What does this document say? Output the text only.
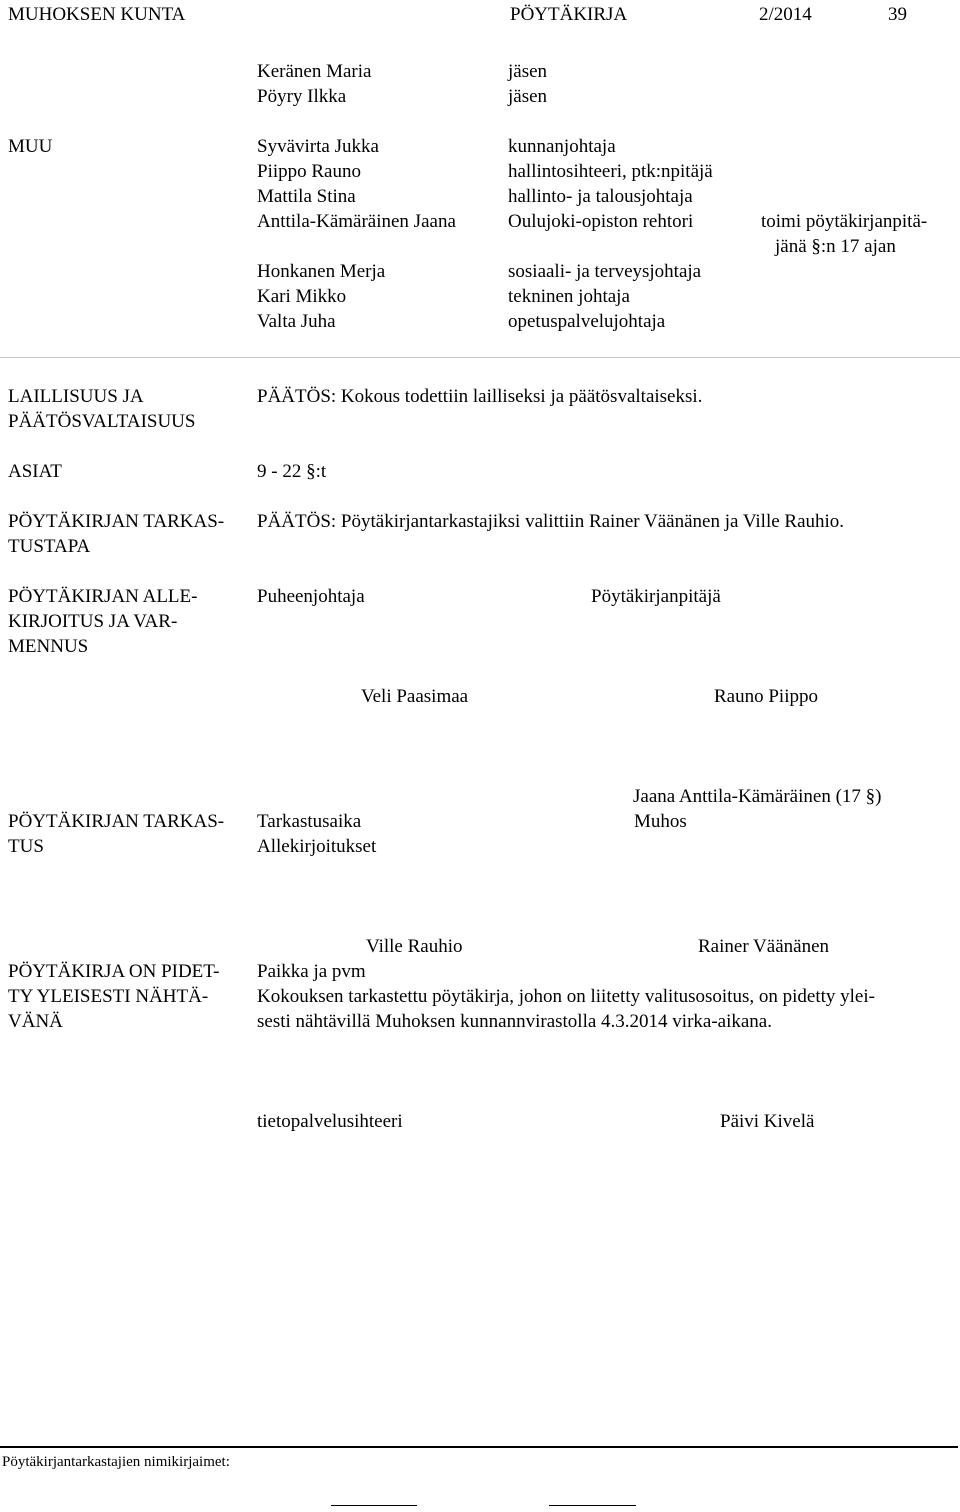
MUHOKSEN KUNTA	PÖYTÄKIRJA	2/2014	39
Keränen Maria	jäsen
Pöyry Ilkka	jäsen
MUU	Syvävirta Jukka	kunnanjohtaja
Piippo Rauno	hallintosihteeri, ptk:npitäjä
Mattila Stina	hallinto- ja talousjohtaja
Anttila-Kämäräinen Jaana	Oulujoki-opiston rehtori	toimi pöytäkirjanpitä-
jänä §:n 17 ajan
Honkanen Merja	sosiaali- ja terveysjohtaja
Kari Mikko	tekninen johtaja
Valta Juha	opetuspalvelujohtaja
LAILLISUUS JA
PÄÄTÖSVALTAISUUS
PÄÄTÖS: Kokous todettiin lailliseksi ja päätösvaltaiseksi.
ASIAT	9 - 22 §:t
PÖYTÄKIRJAN TARKAS-
TUSTAPA
PÄÄTÖS: Pöytäkirjantarkastajiksi valittiin Rainer Väänänen ja Ville Rauhio.
PÖYTÄKIRJAN ALLE-
KIRJOITUS JA VAR-
MENNUS
Puheenjohtaja	Pöytäkirjanpitäjä
Veli Paasimaa	Rauno Piippo
Jaana Anttila-Kämäräinen (17 §)
PÖYTÄKIRJAN TARKAS-
TUS
Tarkastusaika	Muhos
Allekirjoitukset
Ville Rauhio	Rainer Väänänen
PÖYTÄKIRJA ON PIDET-
TY YLEISESTI NÄHTÄ-
VÄNÄ
Paikka ja pvm
Kokouksen tarkastettu pöytäkirja, johon on liitetty valitusosoitus, on pidetty ylei-
sesti nähtävillä Muhoksen kunnannvirastolla 4.3.2014 virka-aikana.
tietopalvelusihteeri	Päivi Kivelä
Pöytäkirjantarkastajien nimikirjaimet:
